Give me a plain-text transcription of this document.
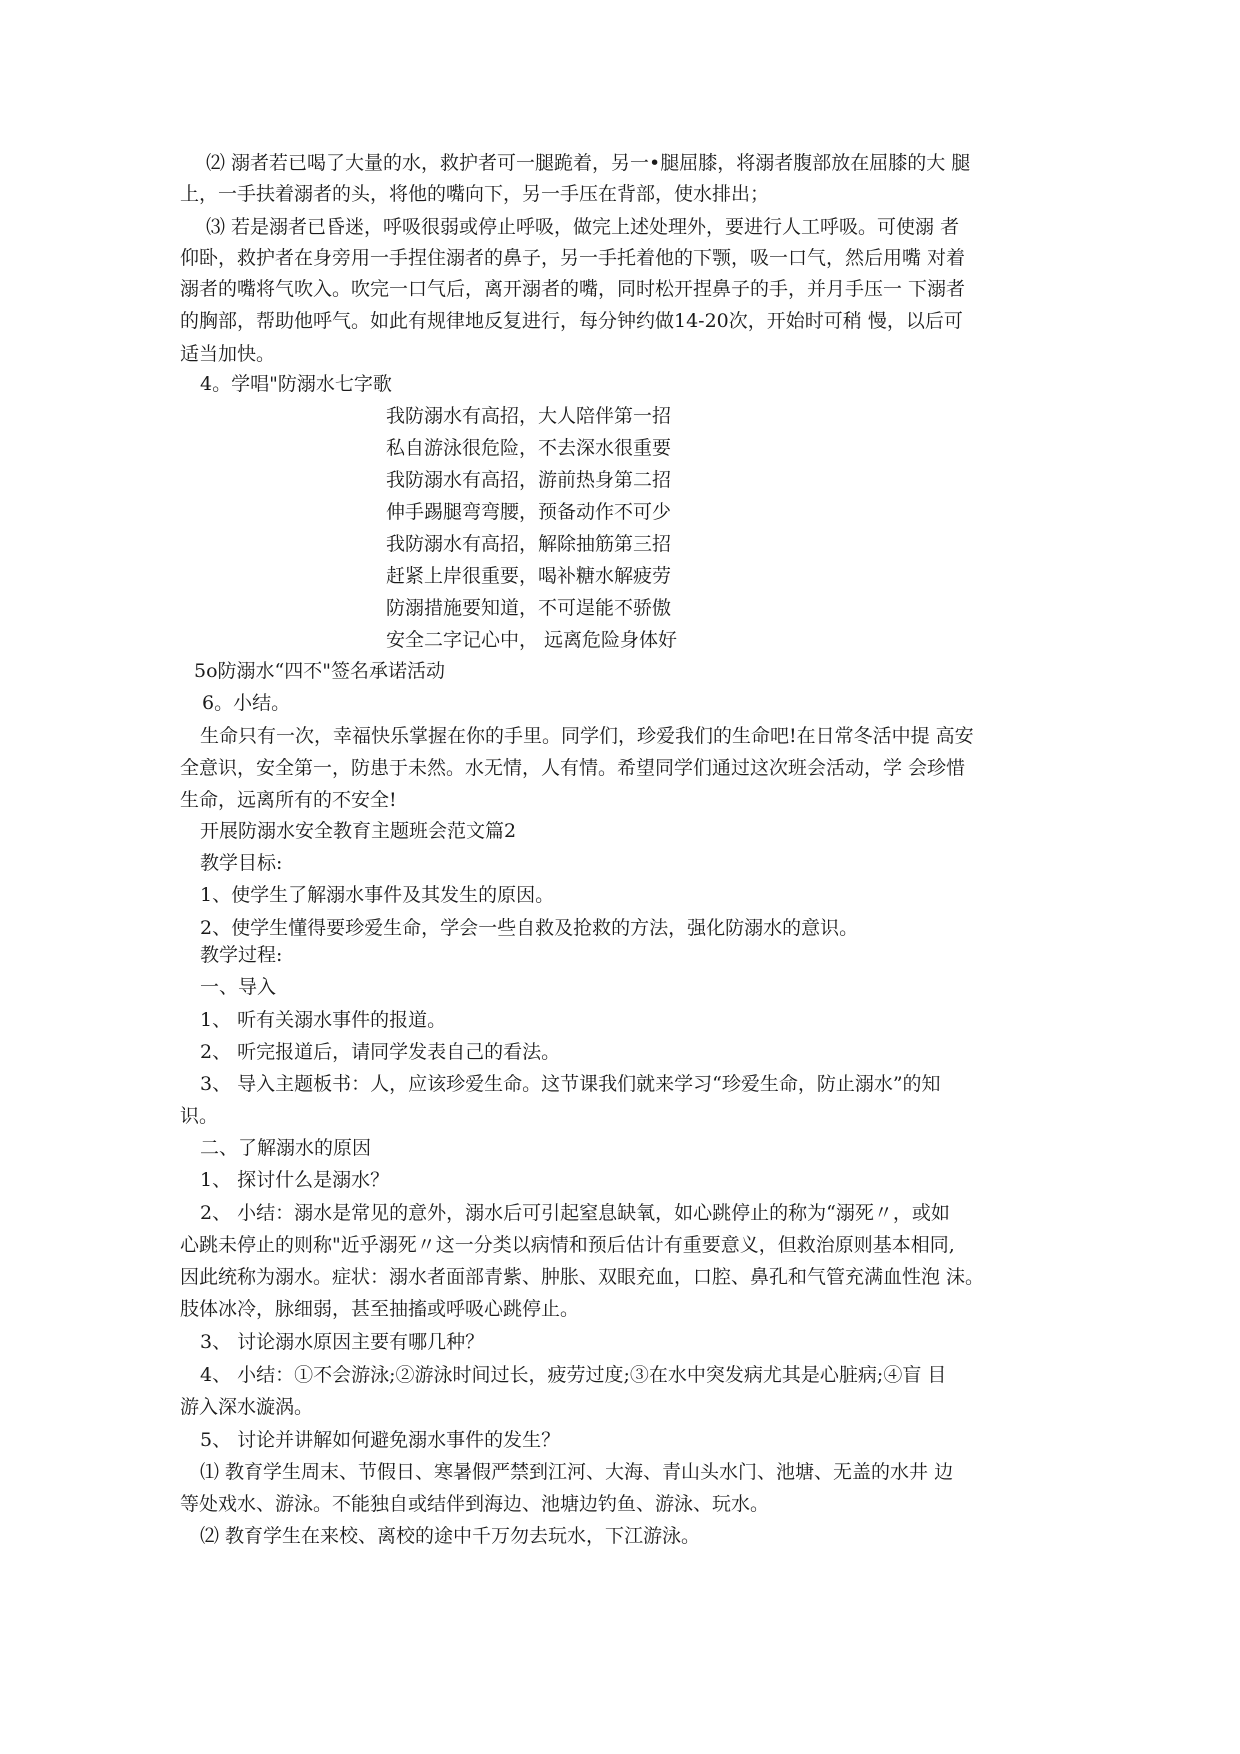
⑵ 溺者若已喝了大量的水，救护者可一腿跪着，另一•腿屈膝，将溺者腹部放在屈膝的大 腿

上，一手扶着溺者的头，将他的嘴向下，另一手压在背部，使水排出；

⑶ 若是溺者已昏迷，呼吸很弱或停止呼吸，做完上述处理外，要进行人工呼吸。可使溺 者

仰卧，救护者在身旁用一手捏住溺者的鼻子，另一手托着他的下颚，吸一口气，然后用嘴 对着

溺者的嘴将气吹入。吹完一口气后，离开溺者的嘴，同时松开捏鼻子的手，并月手压一 下溺者

的胸部，帮助他呼气。如此有规律地反复进行，每分钟约做14-20次，开始时可稍 慢，以后可

适当加快。

4。学唱"防溺水七字歌

我防溺水有高招，大人陪伴第一招

私自游泳很危险，不去深水很重要

我防溺水有高招，游前热身第二招

伸手踢腿弯弯腰，预备动作不可少

我防溺水有高招，解除抽筋第三招

赶紧上岸很重要，喝补糖水解疲劳

防溺措施要知道，不可逞能不骄傲

安全二字记心中， 远离危险身体好

5o防溺水“四不"签名承诺活动

6。小结。

生命只有一次，幸福快乐掌握在你的手里。同学们，珍爱我们的生命吧!在日常冬活中提 高安

全意识，安全第一，防患于未然。水无情，人有情。希望同学们通过这次班会活动，学 会珍惜

生命，远离所有的不安全!

开展防溺水安全教育主题班会范文篇2

教学目标:

1、使学生了解溺水事件及其发生的原因。

2、使学生懂得要珍爱生命，学会一些自救及抢救的方法，强化防溺水的意识。

教学过程:

一、导入

1、 听有关溺水事件的报道。

2、 听完报道后，请同学发表自己的看法。

3、 导入主题板书：人，应该珍爱生命。这节课我们就来学习“珍爱生命，防止溺水”的知

识。

二、了解溺水的原因

1、 探讨什么是溺水？

2、 小结：溺水是常见的意外，溺水后可引起窒息缺氧，如心跳停止的称为“溺死〃，或如

心跳未停止的则称"近乎溺死〃这一分类以病情和预后估计有重要意义，但救治原则基本相同,

因此统称为溺水。症状：溺水者面部青紫、肿胀、双眼充血，口腔、鼻孔和气管充满血性泡 沫。

肢体冰冷，脉细弱，甚至抽搐或呼吸心跳停止。

3、 讨论溺水原因主要有哪几种？

4、 小结：①不会游泳;②游泳时间过长，疲劳过度;③在水中突发病尤其是心脏病;④盲 目

游入深水漩涡。

5、 讨论并讲解如何避免溺水事件的发生？

⑴ 教育学生周末、节假日、寒暑假严禁到江河、大海、青山头水门、池塘、无盖的水井 边

等处戏水、游泳。不能独自或结伴到海边、池塘边钓鱼、游泳、玩水。

⑵ 教育学生在来校、离校的途中千万勿去玩水，下江游泳。
